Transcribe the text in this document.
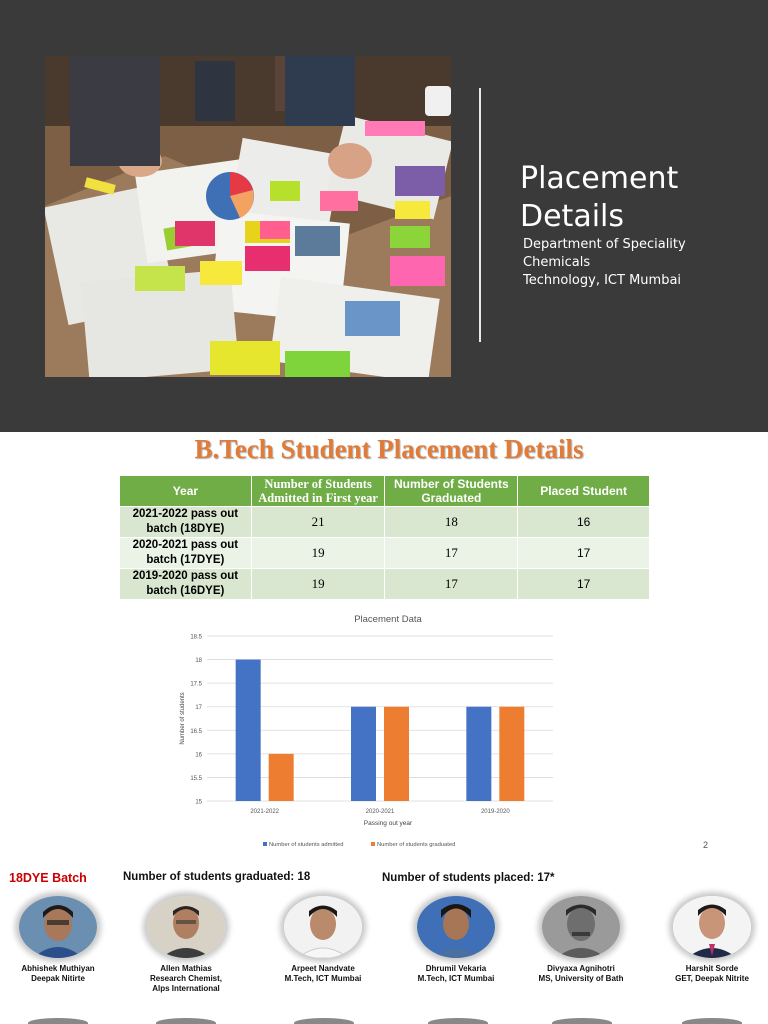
Placement
Details
Department of Speciality Chemicals
Technology, ICT Mumbai
B.Tech Student Placement Details
Year	Number of Students Admitted in First year	Number of Students Graduated	Placed Student
2021-2022 pass out batch (18DYE)	21	18	16
2020-2021 pass out batch (17DYE)	19	17	17
2019-2020 pass out batch (16DYE)	19	17	17
Placement Data
15
15.5
16
16.5
17
17.5
18
18.5
2021-2022	2020-2021	2019-2020
Passing out year
Number of students
Number of students admitted	Number of students graduated	2
18DYE Batch	Number of students graduated: 18	Number of students placed: 17*
Abhishek Muthiyan
Deepak Nitirte
Allen Mathias
Research Chemist,
Alps International
Arpeet Nandvate
M.Tech, ICT Mumbai
Dhrumil Vekaria
M.Tech, ICT Mumbai
Divyaxa Agnihotri
MS, University of Bath
Harshit Sorde
GET, Deepak Nitrite
